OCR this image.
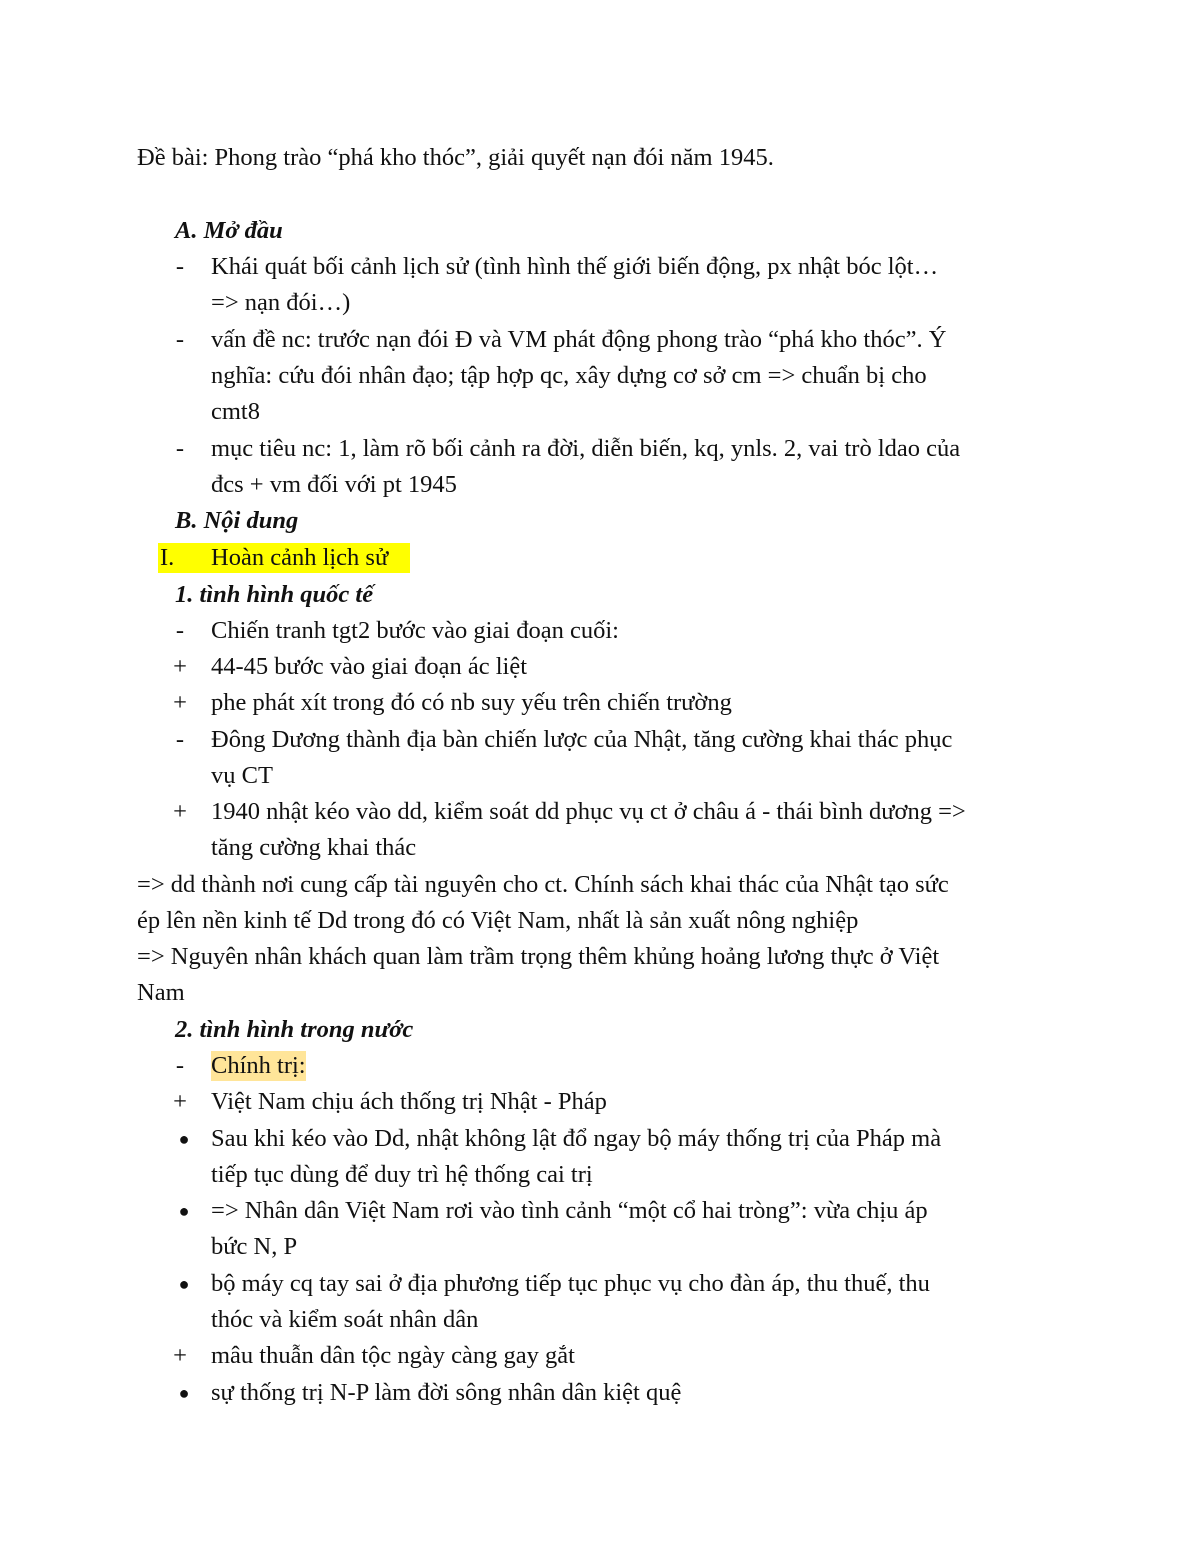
Đề bài: Phong trào “phá kho thóc”, giải quyết nạn đói năm 1945.
A. Mở đầu
-	Khái quát bối cảnh lịch sử (tình hình thế giới biến động, px nhật bóc lột…
=> nạn đói…)
-	vấn đề nc: trước nạn đói Đ và VM phát động phong trào “phá kho thóc”. Ý
nghĩa: cứu đói nhân đạo; tập hợp qc, xây dựng cơ sở cm => chuẩn bị cho
cmt8
-	mục tiêu nc: 1, làm rõ bối cảnh ra đời, diễn biến, kq, ynls. 2, vai trò ldao của
đcs + vm đối với pt 1945
B. Nội dung
I. Hoàn cảnh lịch sử
1. tình hình quốc tế
-	Chiến tranh tgt2 bước vào giai đoạn cuối:
+ 44-45 bước vào giai đoạn ác liệt
+ phe phát xít trong đó có nb suy yếu trên chiến trường
-	Đông Dương thành địa bàn chiến lược của Nhật, tăng cường khai thác phục
vụ CT
+ 1940 nhật kéo vào dd, kiểm soát dd phục vụ ct ở châu á - thái bình dương =>
tăng cường khai thác
=> dd thành nơi cung cấp tài nguyên cho ct. Chính sách khai thác của Nhật tạo sức
ép lên nền kinh tế Dd trong đó có Việt Nam, nhất là sản xuất nông nghiệp
=> Nguyên nhân khách quan làm trầm trọng thêm khủng hoảng lương thực ở Việt
Nam
2. tình hình trong nước
-	Chính trị:
+ Việt Nam chịu ách thống trị Nhật - Pháp
● Sau khi kéo vào Dd, nhật không lật đổ ngay bộ máy thống trị của Pháp mà
tiếp tục dùng để duy trì hệ thống cai trị
● => Nhân dân Việt Nam rơi vào tình cảnh “một cổ hai tròng”: vừa chịu áp
bức N, P
● bộ máy cq tay sai ở địa phương tiếp tục phục vụ cho đàn áp, thu thuế, thu
thóc và kiểm soát nhân dân
+ mâu thuẫn dân tộc ngày càng gay gắt
● sự thống trị N-P làm đời sông nhân dân kiệt quệ
